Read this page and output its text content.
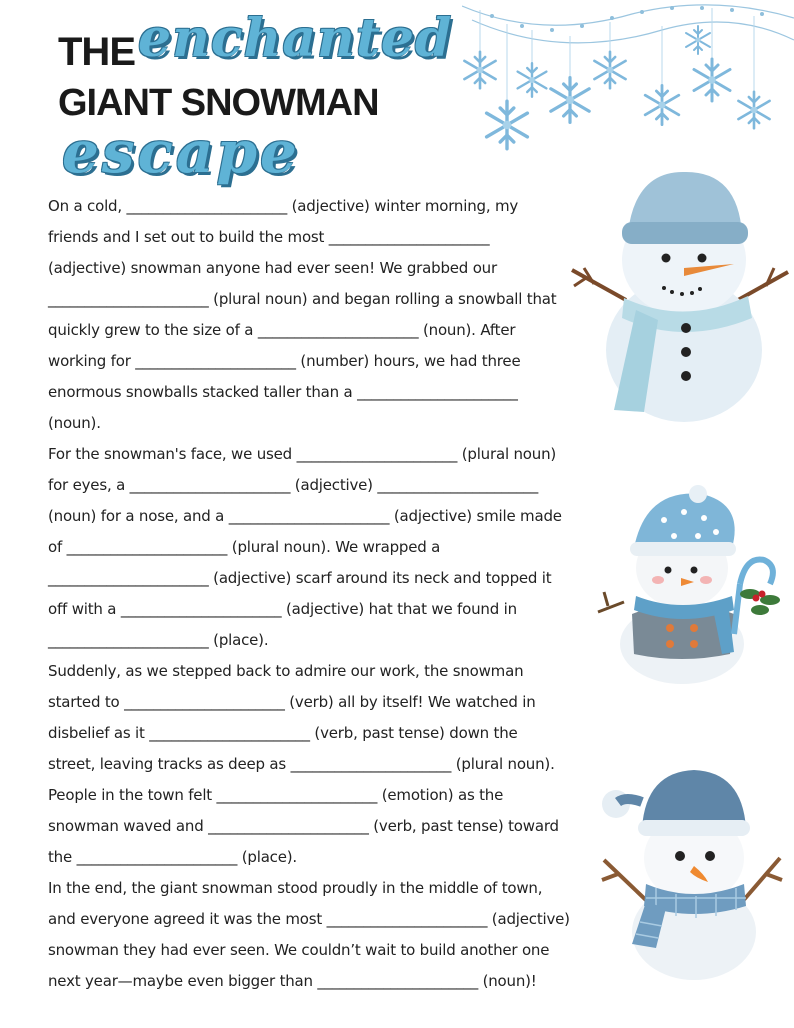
THE enchanted
GIANT SNOWMAN
escape
On a cold, ______________________ (adjective) winter morning, my
friends and I set out to build the most ______________________
(adjective) snowman anyone had ever seen! We grabbed our
______________________ (plural noun) and began rolling a snowball that
quickly grew to the size of a ______________________ (noun). After
working for ______________________ (number) hours, we had three
enormous snowballs stacked taller than a ______________________
(noun).
For the snowman's face, we used ______________________ (plural noun)
for eyes, a ______________________ (adjective) ______________________
(noun) for a nose, and a ______________________ (adjective) smile made
of ______________________ (plural noun). We wrapped a
______________________ (adjective) scarf around its neck and topped it
off with a ______________________ (adjective) hat that we found in
______________________ (place).
Suddenly, as we stepped back to admire our work, the snowman
started to ______________________ (verb) all by itself! We watched in
disbelief as it ______________________ (verb, past tense) down the
street, leaving tracks as deep as ______________________ (plural noun).
People in the town felt ______________________ (emotion) as the
snowman waved and ______________________ (verb, past tense) toward
the ______________________ (place).
In the end, the giant snowman stood proudly in the middle of town,
and everyone agreed it was the most ______________________ (adjective)
snowman they had ever seen. We couldn’t wait to build another one
next year—maybe even bigger than ______________________ (noun)!
